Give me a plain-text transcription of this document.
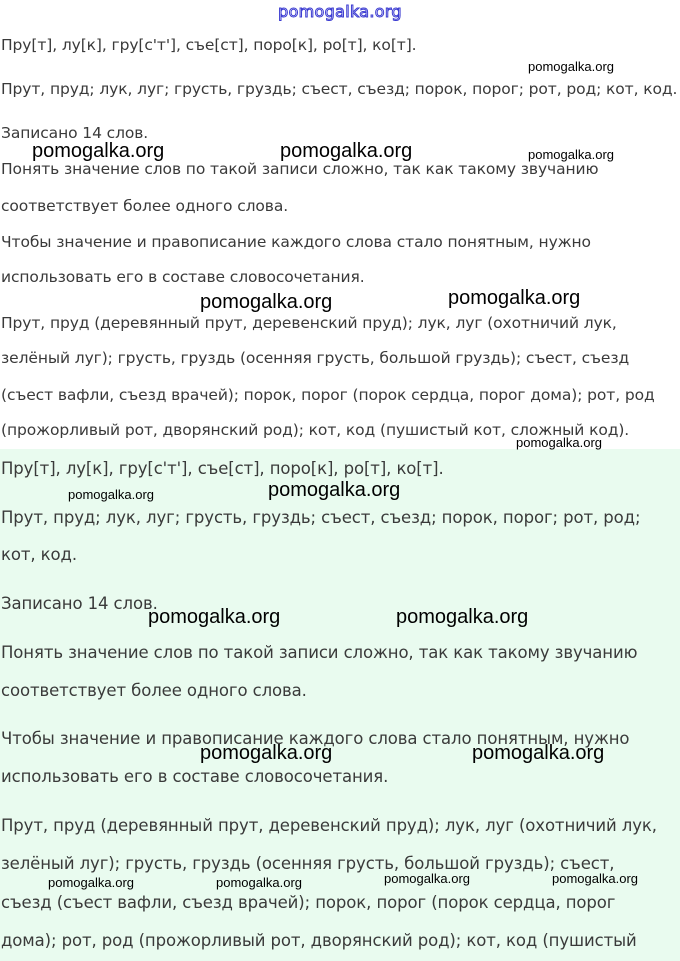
pomogalka.org
Пру[т], лу[к], гру[с'т'], съе[ст], поро[к], ро[т], ко[т].
Прут, пруд; лук, луг; грусть, груздь; съест, съезд; порок, порог; рот, род; кот, код.
Записано 14 слов.
Понять значение слов по такой записи сложно, так как такому звучанию
соответствует более одного слова.
Чтобы значение и правописание каждого слова стало понятным, нужно
использовать его в составе словосочетания.
Прут, пруд (деревянный прут, деревенский пруд); лук, луг (охотничий лук,
зелёный луг); грусть, груздь (осенняя грусть, большой груздь); съест, съезд
(съест вафли, съезд врачей); порок, порог (порок сердца, порог дома); рот, род
(прожорливый рот, дворянский род); кот, код (пушистый кот, сложный код).
Пру[т], лу[к], гру[с'т'], съе[ст], поро[к], ро[т], ко[т].
Прут, пруд; лук, луг; грусть, груздь; съест, съезд; порок, порог; рот, род;
кот, код.
Записано 14 слов.
Понять значение слов по такой записи сложно, так как такому звучанию
соответствует более одного слова.
Чтобы значение и правописание каждого слова стало понятным, нужно
использовать его в составе словосочетания.
Прут, пруд (деревянный прут, деревенский пруд); лук, луг (охотничий лук,
зелёный луг); грусть, груздь (осенняя грусть, большой груздь); съест,
съезд (съест вафли, съезд врачей); порок, порог (порок сердца, порог
дома); рот, род (прожорливый рот, дворянский род); кот, код (пушистый
pomogalka.org
pomogalka.org	pomogalka.org	pomogalka.org
pomogalka.org	pomogalka.org
pomogalka.org
pomogalka.org	pomogalka.org
pomogalka.org	pomogalka.org
pomogalka.org	pomogalka.org
pomogalka.org	pomogalka.org	pomogalka.org	pomogalka.org
